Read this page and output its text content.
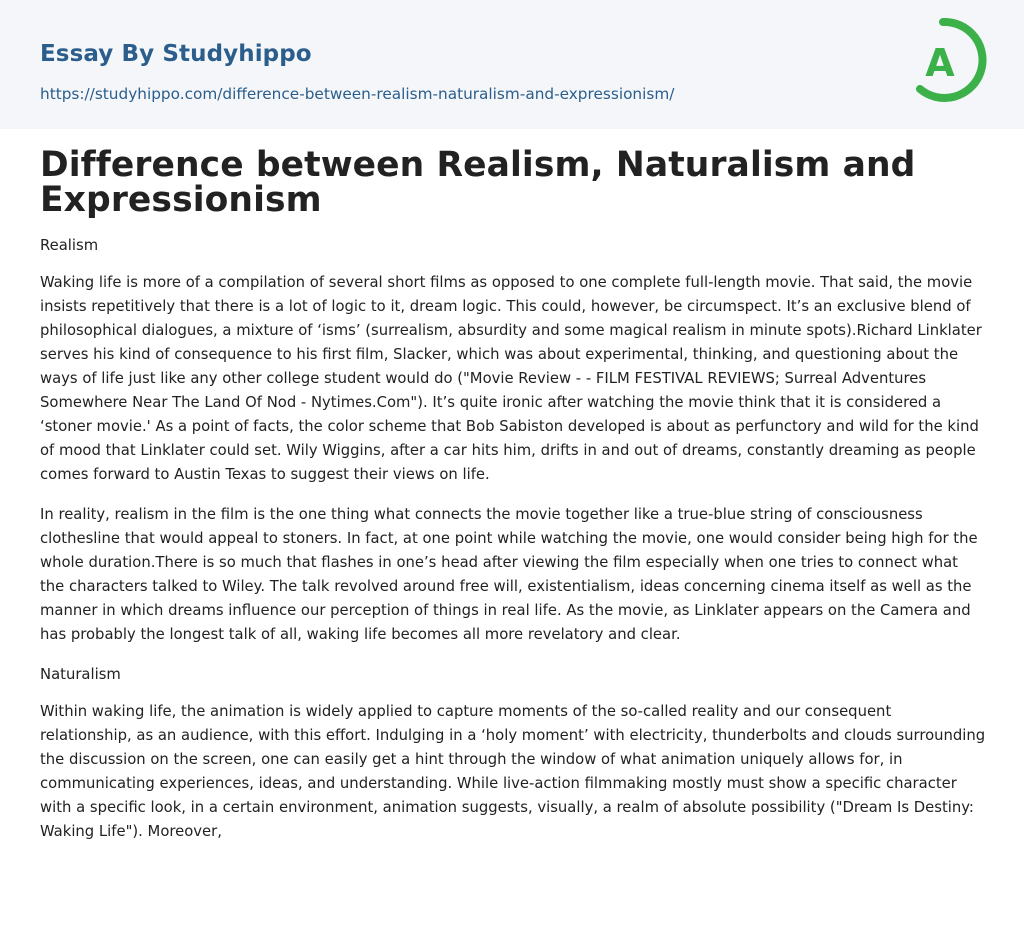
Essay By Studyhippo
https://studyhippo.com/difference-between-realism-naturalism-and-expressionism/
A
Difference between Realism, Naturalism and Expressionism
Realism

Waking life is more of a compilation of several short films as opposed to one complete full-length movie. That said, the movie insists repetitively that there is a lot of logic to it, dream logic. This could, however, be circumspect. It’s an exclusive blend of philosophical dialogues, a mixture of ‘isms’ (surrealism, absurdity and some magical realism in minute spots).Richard Linklater serves his kind of consequence to his first film, Slacker, which was about experimental, thinking, and questioning about the ways of life just like any other college student would do ("Movie Review - - FILM FESTIVAL REVIEWS; Surreal Adventures Somewhere Near The Land Of Nod - Nytimes.Com"). It’s quite ironic after watching the movie think that it is considered a ‘stoner movie.' As a point of facts, the color scheme that Bob Sabiston developed is about as perfunctory and wild for the kind of mood that Linklater could set. Wily Wiggins, after a car hits him, drifts in and out of dreams, constantly dreaming as people comes forward to Austin Texas to suggest their views on life.

In reality, realism in the film is the one thing what connects the movie together like a true-blue string of consciousness clothesline that would appeal to stoners. In fact, at one point while watching the movie, one would consider being high for the whole duration.There is so much that flashes in one’s head after viewing the film especially when one tries to connect what the characters talked to Wiley. The talk revolved around free will, existentialism, ideas concerning cinema itself as well as the manner in which dreams influence our perception of things in real life. As the movie, as Linklater appears on the Camera and has probably the longest talk of all, waking life becomes all more revelatory and clear.

Naturalism

Within waking life, the animation is widely applied to capture moments of the so-called reality and our consequent relationship, as an audience, with this effort. Indulging in a ‘holy moment’ with electricity, thunderbolts and clouds surrounding the discussion on the screen, one can easily get a hint through the window of what animation uniquely allows for, in communicating experiences, ideas, and understanding. While live-action filmmaking mostly must show a specific character with a specific look, in a certain environment, animation suggests, visually, a realm of absolute possibility ("Dream Is Destiny: Waking Life"). Moreover,
